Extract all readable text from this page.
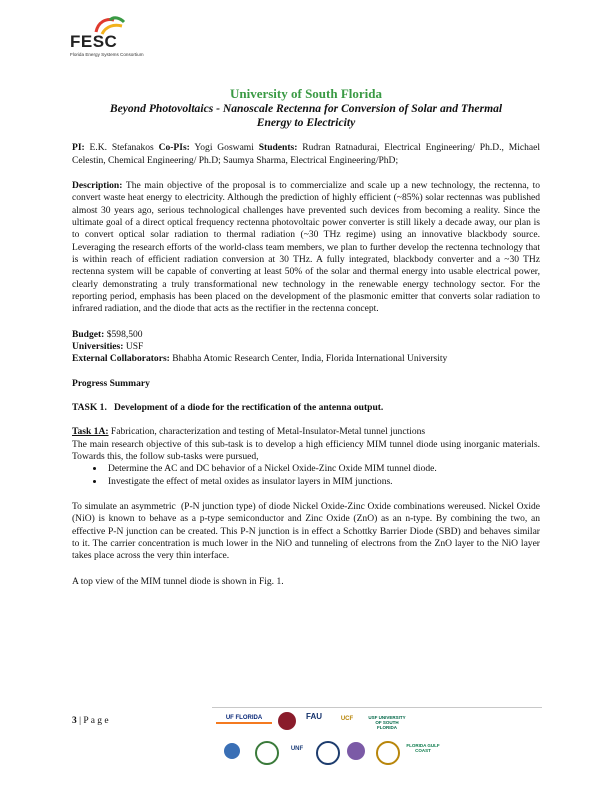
FESC
Florida Energy Systems Consortium
University of South Florida
Beyond Photovoltaics - Nanoscale Rectenna for Conversion of Solar and Thermal
Energy to Electricity

PI: E.K. Stefanakos Co-PIs: Yogi Goswami Students: Rudran Ratnadurai, Electrical Engineering/ Ph.D., Michael Celestin, Chemical Engineering/ Ph.D; Saumya Sharma, Electrical Engineering/PhD;

Description: The main objective of the proposal is to commercialize and scale up a new technology, the rectenna, to convert waste heat energy to electricity. Although the prediction of highly efficient (~85%) solar rectennas was published almost 30 years ago, serious technological challenges have prevented such devices from becoming a reality. Since the ultimate goal of a direct optical frequency rectenna photovoltaic power converter is still likely a decade away, our plan is to convert optical solar radiation to thermal radiation (~30 THz regime) using an innovative blackbody source. Leveraging the research efforts of the world-class team members, we plan to further develop the rectenna technology that is within reach of efficient radiation conversion at 30 THz. A fully integrated, blackbody converter and a ~30 THz rectenna system will be capable of converting at least 50% of the solar and thermal energy into usable electrical power, clearly demonstrating a truly transformational new technology in the renewable energy technology sector. For the reporting period, emphasis has been placed on the development of the plasmonic emitter that converts solar radiation to infrared radiation, and the diode that acts as the rectifier in the rectenna concept.

Budget: $598,500

Universities: USF

External Collaborators: Bhabha Atomic Research Center, India, Florida International University

Progress Summary

TASK 1.   Development of a diode for the rectification of the antenna output.

Task 1A: Fabrication, characterization and testing of Metal-Insulator-Metal tunnel junctions

The main research objective of this sub-task is to develop a high efficiency MIM tunnel diode using inorganic materials. Towards this, the follow sub-tasks were pursued,

• Determine the AC and DC behavior of a Nickel Oxide-Zinc Oxide MIM tunnel diode.
• Investigate the effect of metal oxides as insulator layers in MIM junctions.

To simulate an asymmetric  (P-N junction type) of diode Nickel Oxide-Zinc Oxide combinations wereused. Nickel Oxide (NiO) is known to behave as a p-type semiconductor and Zinc Oxide (ZnO) as an n-type. By combining the two, an effective P-N junction can be created. This P-N junction is in effect a Schottky Barrier Diode (SBD) and behaves similar to it. The carrier concentration is much lower in the NiO and tunneling of electrons from the ZnO layer to the NiO layer takes place across the very thin interface.

A top view of the MIM tunnel diode is shown in Fig. 1.

3 | P a g e	UF FLORIDA	FAU	UCF	USF UNIVERSITY OF SOUTH FLORIDA
UNF
FLORIDA GULF COAST
